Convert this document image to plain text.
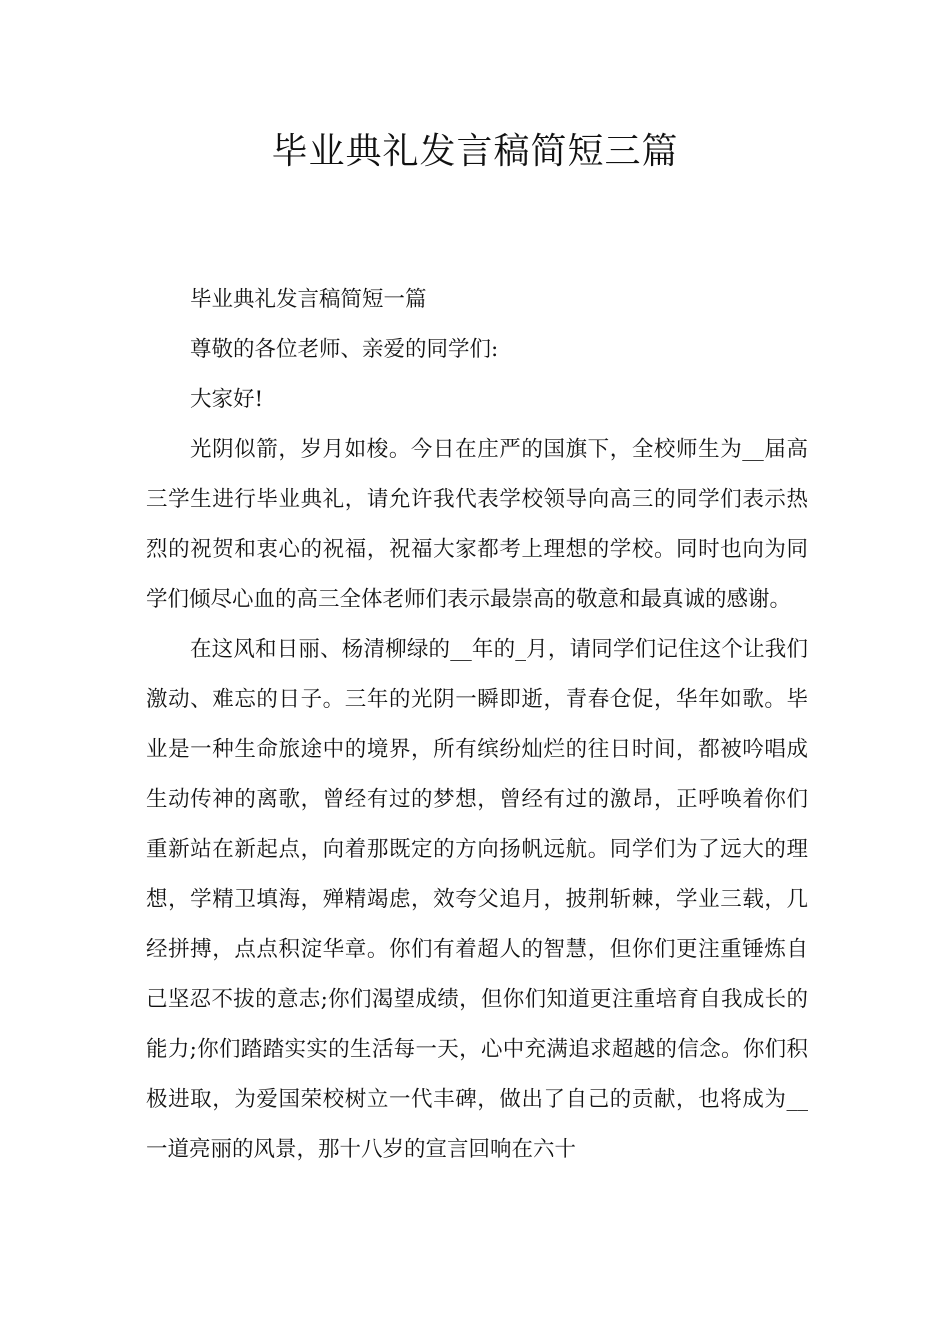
毕业典礼发言稿简短三篇

毕业典礼发言稿简短一篇

尊敬的各位老师、亲爱的同学们:

大家好!

光阴似箭，岁月如梭。今日在庄严的国旗下，全校师生为__届高三学生进行毕业典礼，请允许我代表学校领导向高三的同学们表示热烈的祝贺和衷心的祝福，祝福大家都考上理想的学校。同时也向为同学们倾尽心血的高三全体老师们表示最崇高的敬意和最真诚的感谢。

在这风和日丽、杨清柳绿的__年的_月，请同学们记住这个让我们激动、难忘的日子。三年的光阴一瞬即逝，青春仓促，华年如歌。毕业是一种生命旅途中的境界，所有缤纷灿烂的往日时间，都被吟唱成生动传神的离歌，曾经有过的梦想，曾经有过的激昂，正呼唤着你们重新站在新起点，向着那既定的方向扬帆远航。同学们为了远大的理想，学精卫填海，殚精竭虑，效夸父追月，披荆斩棘，学业三载，几经拼搏，点点积淀华章。你们有着超人的智慧，但你们更注重锤炼自己坚忍不拔的意志;你们渴望成绩，但你们知道更注重培育自我成长的能力;你们踏踏实实的生活每一天，心中充满追求超越的信念。你们积极进取，为爱国荣校树立一代丰碑，做出了自己的贡献，也将成为__一道亮丽的风景，那十八岁的宣言回响在六十
